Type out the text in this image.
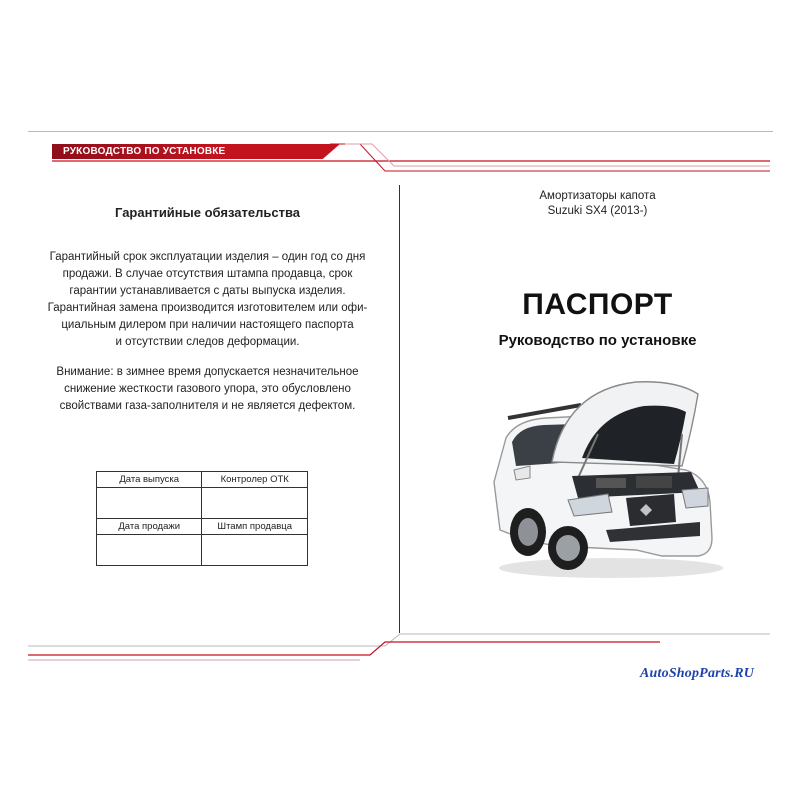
РУКОВОДСТВО ПО УСТАНОВКЕ
Гарантийные обязательства
Гарантийный срок эксплуатации изделия – один год со дня
продажи. В случае отсутствия штампа продавца, срок
гарантии устанавливается с даты выпуска изделия.
Гарантийная замена производится изготовителем или офи-
циальным дилером при наличии настоящего паспорта
и отсутствии следов деформации.
Внимание: в зимнее время допускается незначительное
снижение жесткости газового упора, это обусловлено
свойствами газа-заполнителя и не является дефектом.
Дата выпуска	Контролер ОТК

Дата продажи	Штамп продавца

Амортизаторы капота
Suzuki SX4 (2013-)
ПАСПОРТ
Руководство по установке
AutoShopParts.RU
